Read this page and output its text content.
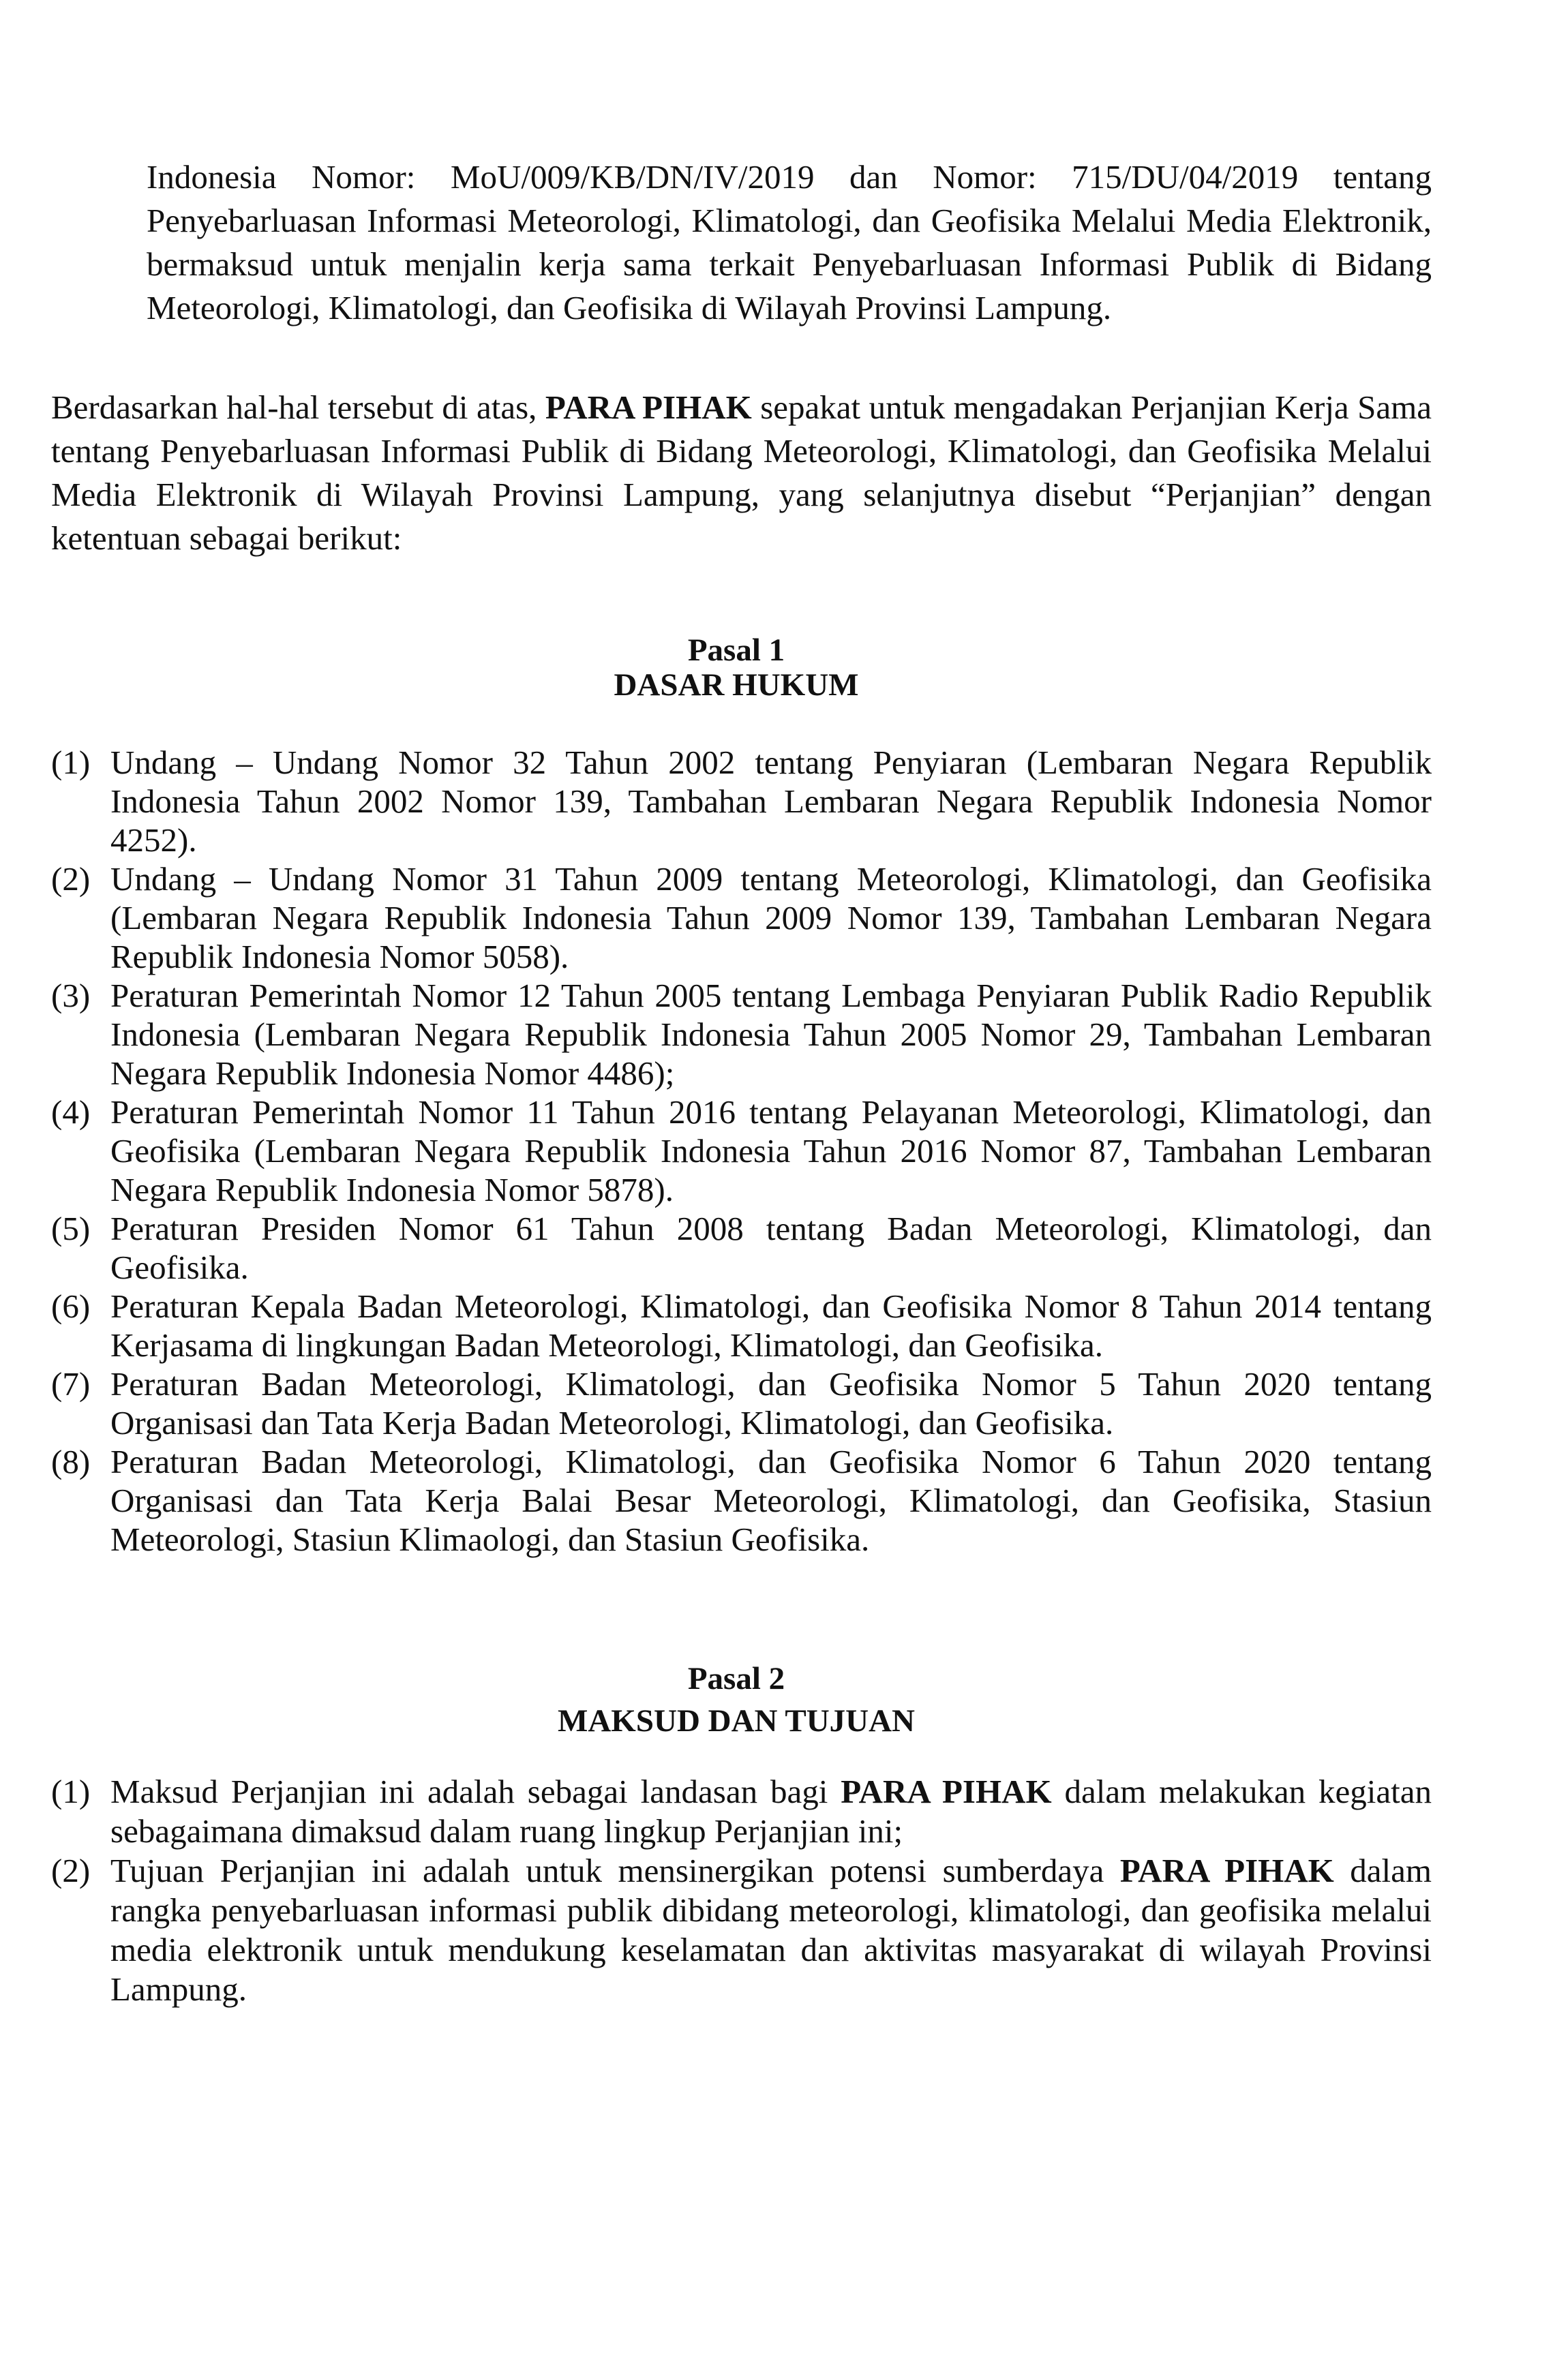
Indonesia Nomor: MoU/009/KB/DN/IV/2019 dan Nomor: 715/DU/04/2019 tentang Penyebarluasan Informasi Meteorologi, Klimatologi, dan Geofisika Melalui Media Elektronik, bermaksud untuk menjalin kerja sama terkait Penyebarluasan Informasi Publik di Bidang Meteorologi, Klimatologi, dan Geofisika di Wilayah Provinsi Lampung.

Berdasarkan hal-hal tersebut di atas, PARA PIHAK sepakat untuk mengadakan Perjanjian Kerja Sama tentang Penyebarluasan Informasi Publik di Bidang Meteorologi, Klimatologi, dan Geofisika Melalui Media Elektronik di Wilayah Provinsi Lampung, yang selanjutnya disebut “Perjanjian” dengan ketentuan sebagai berikut:

Pasal 1
DASAR HUKUM
(1) Undang – Undang Nomor 32 Tahun 2002 tentang Penyiaran (Lembaran Negara Republik Indonesia Tahun 2002 Nomor 139, Tambahan Lembaran Negara Republik Indonesia Nomor 4252).
(2) Undang – Undang Nomor 31 Tahun 2009 tentang Meteorologi, Klimatologi, dan Geofisika (Lembaran Negara Republik Indonesia Tahun 2009 Nomor 139, Tambahan Lembaran Negara Republik Indonesia Nomor 5058).
(3) Peraturan Pemerintah Nomor 12 Tahun 2005 tentang Lembaga Penyiaran Publik Radio Republik Indonesia (Lembaran Negara Republik Indonesia Tahun 2005 Nomor 29, Tambahan Lembaran Negara Republik Indonesia Nomor 4486);
(4) Peraturan Pemerintah Nomor 11 Tahun 2016 tentang Pelayanan Meteorologi, Klimatologi, dan Geofisika (Lembaran Negara Republik Indonesia Tahun 2016 Nomor 87, Tambahan Lembaran Negara Republik Indonesia Nomor 5878).
(5) Peraturan Presiden Nomor 61 Tahun 2008 tentang Badan Meteorologi, Klimatologi, dan Geofisika.
(6) Peraturan Kepala Badan Meteorologi, Klimatologi, dan Geofisika Nomor 8 Tahun 2014 tentang Kerjasama di lingkungan Badan Meteorologi, Klimatologi, dan Geofisika.
(7) Peraturan Badan Meteorologi, Klimatologi, dan Geofisika Nomor 5 Tahun 2020 tentang Organisasi dan Tata Kerja Badan Meteorologi, Klimatologi, dan Geofisika.
(8) Peraturan Badan Meteorologi, Klimatologi, dan Geofisika Nomor 6 Tahun 2020 tentang Organisasi dan Tata Kerja Balai Besar Meteorologi, Klimatologi, dan Geofisika, Stasiun Meteorologi, Stasiun Klimaologi, dan Stasiun Geofisika.
Pasal 2
MAKSUD DAN TUJUAN
(1) Maksud Perjanjian ini adalah sebagai landasan bagi PARA PIHAK dalam melakukan kegiatan sebagaimana dimaksud dalam ruang lingkup Perjanjian ini;
(2) Tujuan Perjanjian ini adalah untuk mensinergikan potensi sumberdaya PARA PIHAK dalam rangka penyebarluasan informasi publik dibidang meteorologi, klimatologi, dan geofisika melalui media elektronik untuk mendukung keselamatan dan aktivitas masyarakat di wilayah Provinsi Lampung.
